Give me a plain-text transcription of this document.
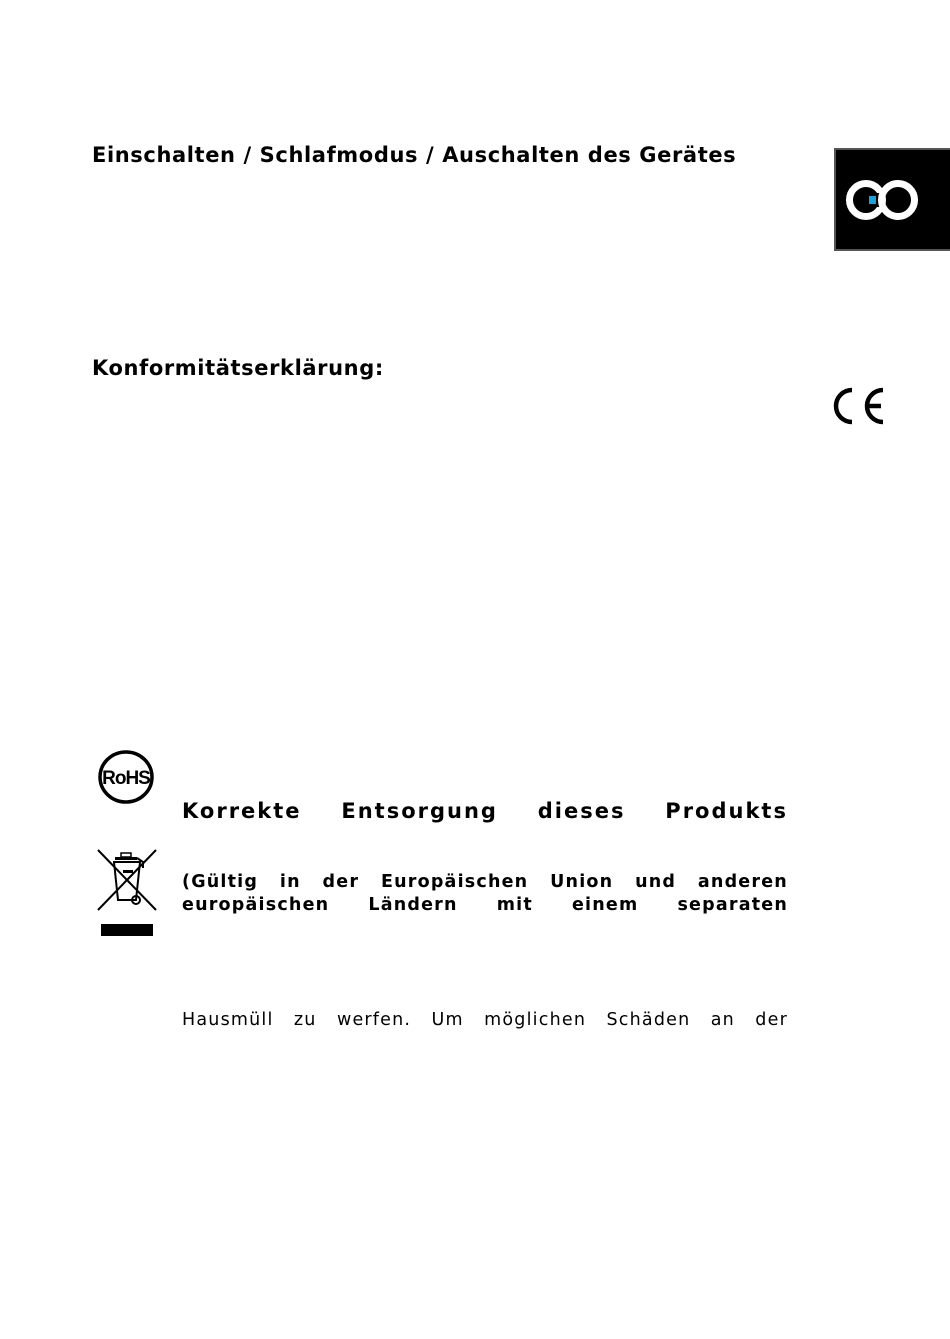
Einschalten / Schlafmodus / Auschalten des Gerätes
Konformitätserklärung:
RoHS
Korrekte Entsorgung dieses Produkts
(Gültig in der Europäischen Union und anderen
europäischen Ländern mit einem separaten
Hausmüll zu werfen. Um möglichen Schäden an der
